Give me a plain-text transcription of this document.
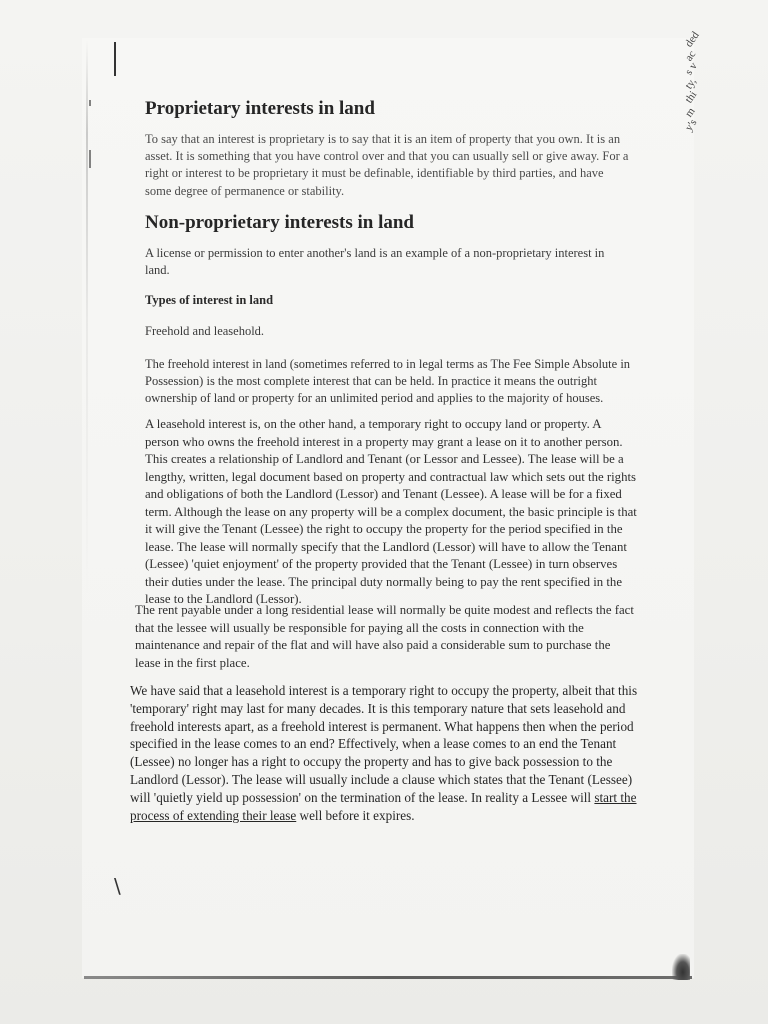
\
ded
ac
s v
ty,
thi
m
y's
Proprietary interests in land

To say that an interest is proprietary is to say that it is an item of property that you own. It is an
asset. It is something that you have control over and that you can usually sell or give away. For a
right or interest to be proprietary it must be definable, identifiable by third parties, and have
some degree of permanence or stability.

Non-proprietary interests in land

A license or permission to enter another's land is an example of a non-proprietary interest in
land.

Types of interest in land

Freehold and leasehold.

The freehold interest in land (sometimes referred to in legal terms as The Fee Simple Absolute in
Possession) is the most complete interest that can be held. In practice it means the outright
ownership of land or property for an unlimited period and applies to the majority of houses.

A leasehold interest is, on the other hand, a temporary right to occupy land or property. A
person who owns the freehold interest in a property may grant a lease on it to another person.
This creates a relationship of Landlord and Tenant (or Lessor and Lessee). The lease will be a
lengthy, written, legal document based on property and contractual law which sets out the rights
and obligations of both the Landlord (Lessor) and Tenant (Lessee). A lease will be for a fixed
term. Although the lease on any property will be a complex document, the basic principle is that
it will give the Tenant (Lessee) the right to occupy the property for the period specified in the
lease. The lease will normally specify that the Landlord (Lessor) will have to allow the Tenant
(Lessee) 'quiet enjoyment' of the property provided that the Tenant (Lessee) in turn observes
their duties under the lease. The principal duty normally being to pay the rent specified in the
lease to the Landlord (Lessor).

The rent payable under a long residential lease will normally be quite modest and reflects the fact
that the lessee will usually be responsible for paying all the costs in connection with the
maintenance and repair of the flat and will have also paid a considerable sum to purchase the
lease in the first place.

We have said that a leasehold interest is a temporary right to occupy the property, albeit that this
'temporary' right may last for many decades. It is this temporary nature that sets leasehold and
freehold interests apart, as a freehold interest is permanent. What happens then when the period
specified in the lease comes to an end? Effectively, when a lease comes to an end the Tenant
(Lessee) no longer has a right to occupy the property and has to give back possession to the
Landlord (Lessor). The lease will usually include a clause which states that the Tenant (Lessee)
will 'quietly yield up possession' on the termination of the lease. In reality a Lessee will start the
process of extending their lease well before it expires.
